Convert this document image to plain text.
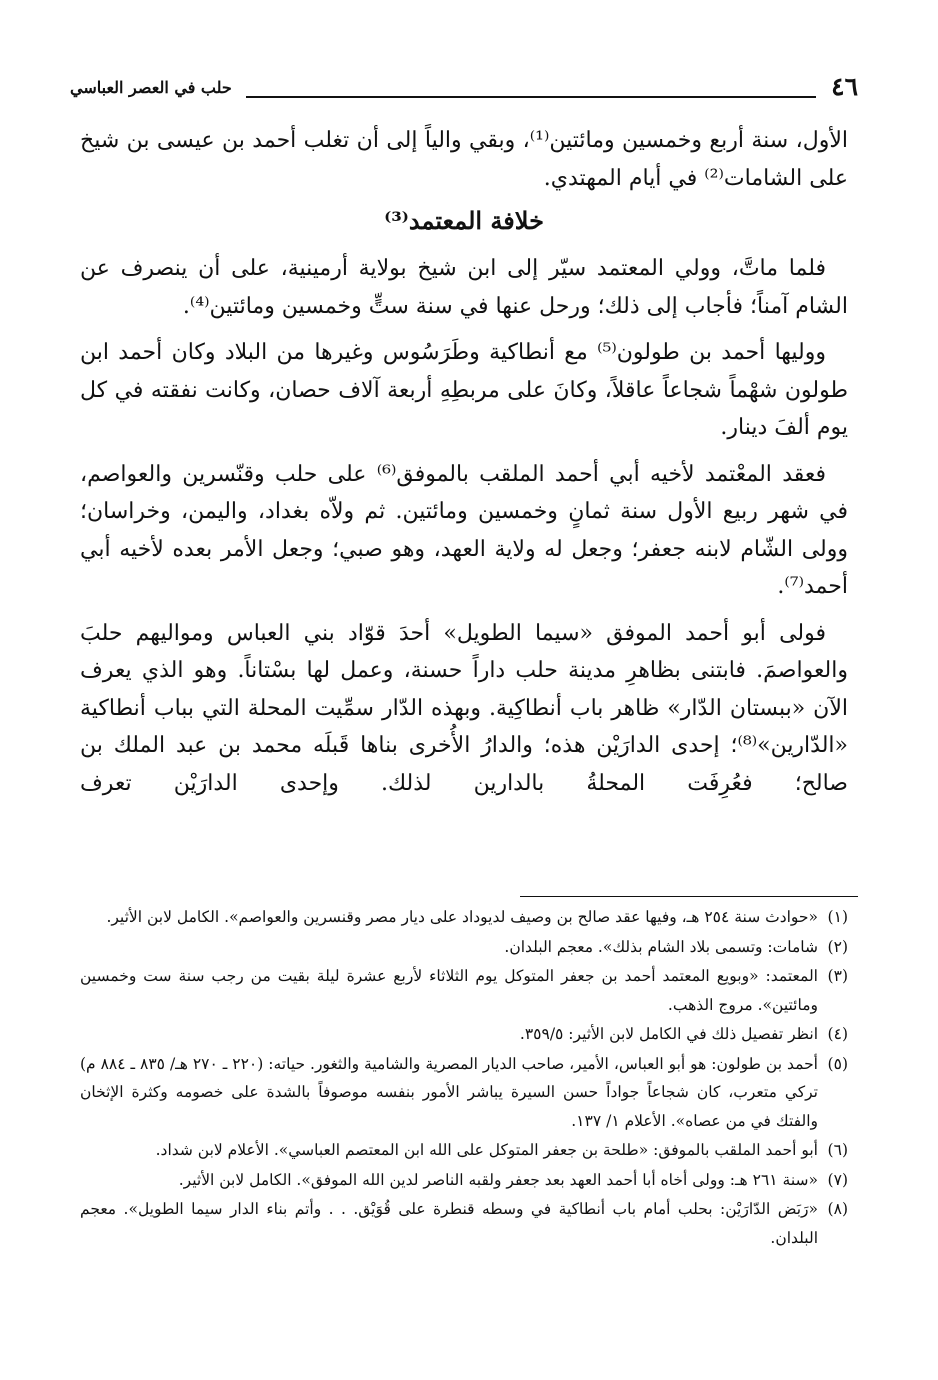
٤٦
حلب في العصر العباسي

الأول، سنة أربع وخمسين ومائتين⁽¹⁾، وبقي والياً إلى أن تغلب أحمد بن عيسى بن شيخ على الشامات⁽²⁾ في أيام المهتدي.

خلافة المعتمد⁽³⁾

فلما ماتَّ، وولي المعتمد سيّر إلى ابن شيخ بولاية أرمينية، على أن ينصرف عن الشام آمناً؛ فأجاب إلى ذلك؛ ورحل عنها في سنة ستٍّ وخمسين ومائتين⁽⁴⁾.

ووليها أحمد بن طولون⁽⁵⁾ مع أنطاكية وطَرَسُوس وغيرها من البلاد وكان أحمد ابن طولون شهْماً شجاعاً عاقلاً، وكانَ على مربطِهِ أربعة آلاف حصان، وكانت نفقته في كل يوم ألفَ دينار.

فعقد المعْتمد لأخيه أبي أحمد الملقب بالموفق⁽⁶⁾ على حلب وقنّسرين والعواصم، في شهر ربيع الأول سنة ثمانٍ وخمسين ومائتين. ثم ولاّه بغداد، واليمن، وخراسان؛ وولى الشّام لابنه جعفر؛ وجعل له ولاية العهد، وهو صبي؛ وجعل الأمر بعده لأخيه أبي أحمد⁽⁷⁾.

فولى أبو أحمد الموفق «سيما الطويل» أحدَ قوّاد بني العباس ومواليهم حلبَ والعواصمَ. فابتنى بظاهرِ مدينة حلب داراً حسنة، وعمل لها بسْتاناً. وهو الذي يعرف الآن «ببستان الدّار» ظاهر باب أنطاكِية. وبهذه الدّار سمِّيت المحلة التي بباب أنطاكية «الدّارين»⁽⁸⁾؛ إحدى الدارَيْن هذه؛ والدارُ الأُخرى بناها قَبلَه محمد بن عبد الملك بن صالح؛ فعُرِفَت المحلةُ بالدارين لذلك. وإحدى الدارَيْن تعرف

(١)
«حوادث سنة ٢٥٤ هـ، وفيها عقد صالح بن وصيف لديوداد على ديار مصر وقنسرين والعواصم». الكامل لابن الأثير.

(٢)
شامات: وتسمى بلاد الشام بذلك». معجم البلدان.

(٣)
المعتمد: «وبويع المعتمد أحمد بن جعفر المتوكل يوم الثلاثاء لأربع عشرة ليلة بقيت من رجب سنة ست وخمسين ومائتين». مروج الذهب.

(٤)
انظر تفصيل ذلك في الكامل لابن الأثير: ٣٥٩/٥.

(٥)
أحمد بن طولون: هو أبو العباس، الأمير، صاحب الديار المصرية والشامية والثغور. حياته: (٢٢٠ ـ ٢٧٠ هـ/ ٨٣٥ ـ ٨٨٤ م) تركي متعرب، كان شجاعاً جواداً حسن السيرة يباشر الأمور بنفسه موصوفاً بالشدة على خصومه وكثرة الإثخان والفتك في من عصاه». الأعلام ١/ ١٣٧.

(٦)
أبو أحمد الملقب بالموفق: «طلحة بن جعفر المتوكل على الله ابن المعتصم العباسي». الأعلام لابن شداد.

(٧)
«سنة ٢٦١ هـ: وولى أخاه أبا أحمد العهد بعد جعفر ولقبه الناصر لدين الله الموفق». الكامل لابن الأثير.

(٨)
«رَبَض الدّارَيْن: بحلب أمام باب أنطاكية في وسطه قنطرة على قُوَيْق. . . وأتم بناء الدار سيما الطويل». معجم البلدان.
